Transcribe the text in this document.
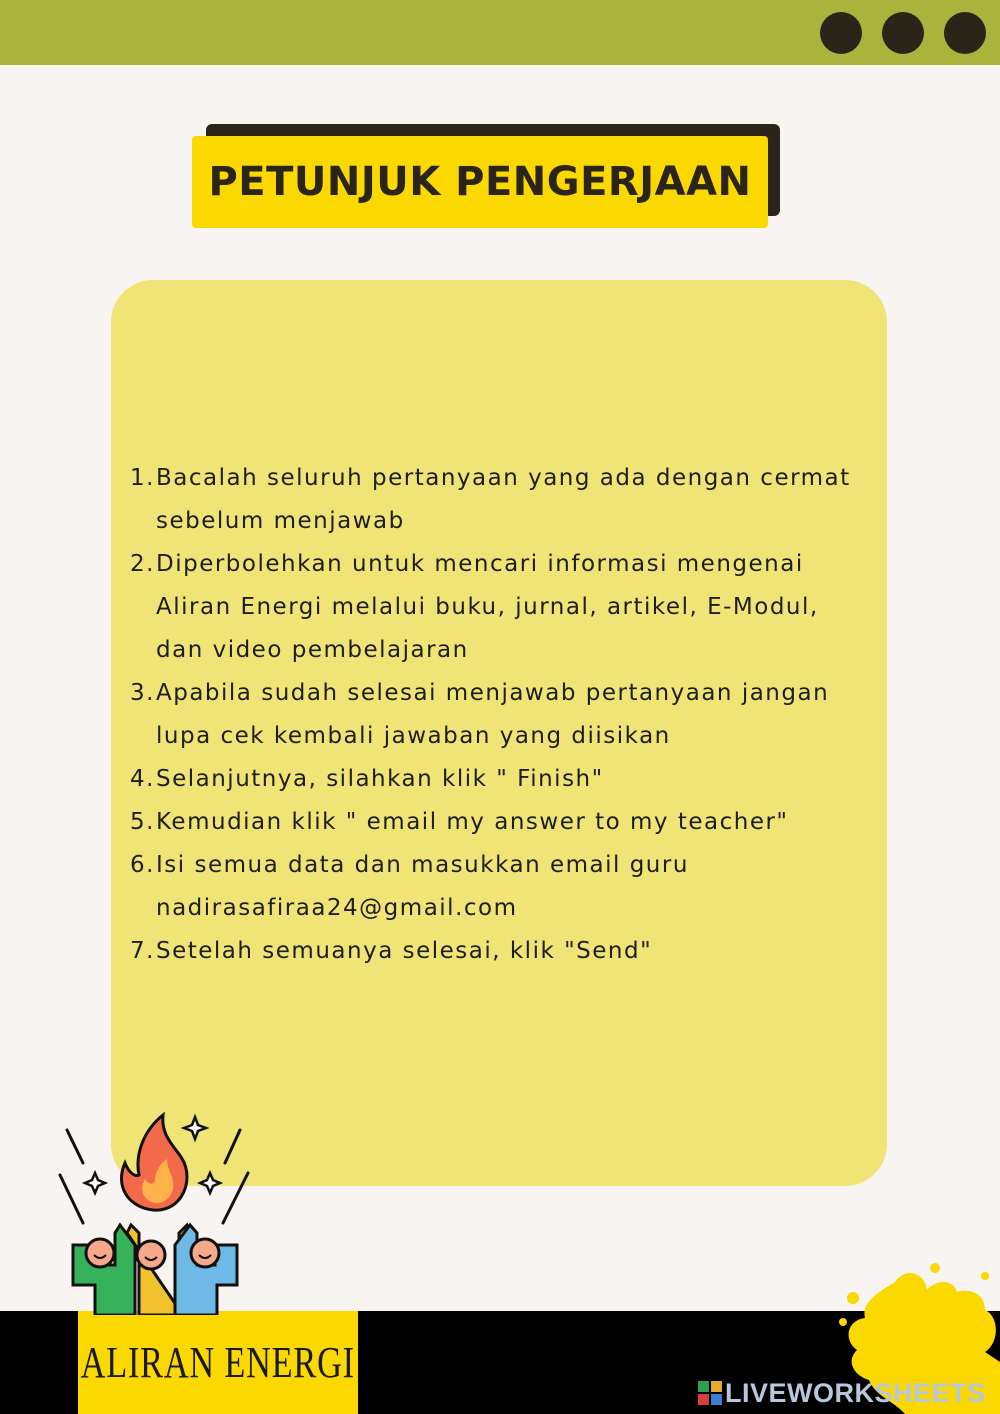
PETUNJUK PENGERJAAN
1. Bacalah seluruh pertanyaan yang ada dengan cermat sebelum menjawab
2. Diperbolehkan untuk mencari informasi mengenai Aliran Energi melalui buku, jurnal, artikel, E-Modul, dan video pembelajaran
3. Apabila sudah selesai menjawab pertanyaan jangan lupa cek kembali jawaban yang diisikan
4. Selanjutnya, silahkan klik " Finish"
5. Kemudian klik " email my answer to my teacher"
6. Isi semua data dan masukkan email guru nadirasafiraa24@gmail.com
7. Setelah semuanya selesai, klik "Send"
ALIRAN ENERGI
LIVEWORKSHEETS
